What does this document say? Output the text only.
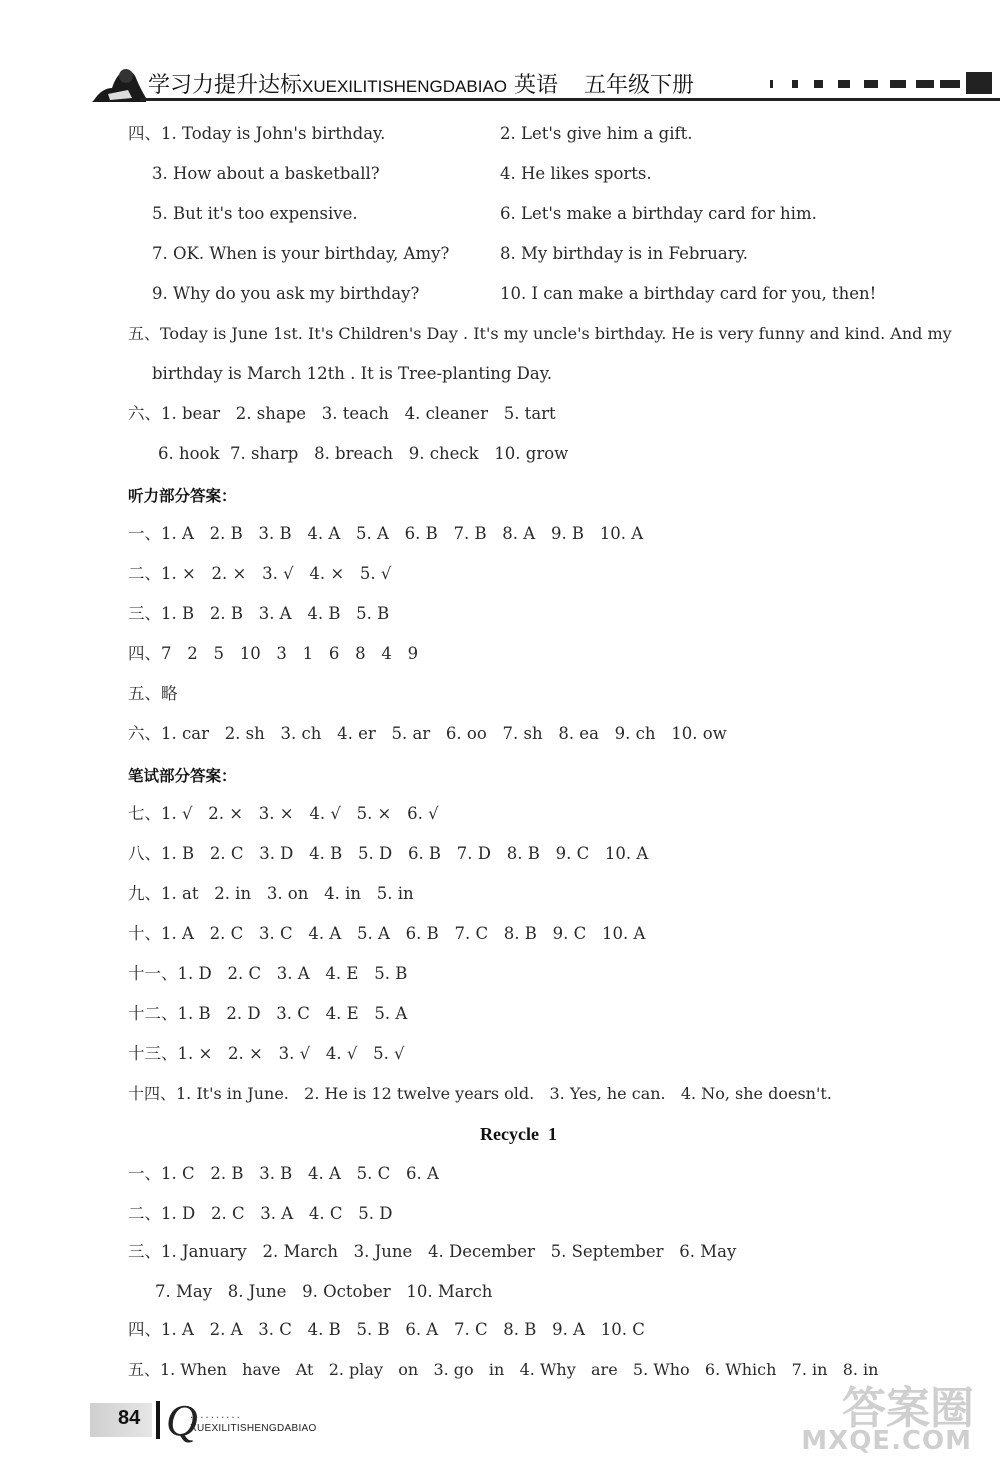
学习力提升达标XUEXILITISHENGDABIAO 英语 五年级下册
四、1. Today is John's birthday.	2. Let's give him a gift.
3. How about a basketball?	4. He likes sports.
5. But it's too expensive.	6. Let's make a birthday card for him.
7. OK. When is your birthday, Amy?	8. My birthday is in February.
9. Why do you ask my birthday?	10. I can make a birthday card for you, then!
五、Today is June 1st. It's Children's Day . It's my uncle's birthday. He is very funny and kind. And my
birthday is March 12th . It is Tree-planting Day.
六、1. bear   2. shape   3. teach   4. cleaner   5. tart
6. hook  7. sharp   8. breach   9. check   10. grow
听力部分答案：
一、1. A   2. B   3. B   4. A   5. A   6. B   7. B   8. A   9. B   10. A
二、1. ×   2. ×   3. √   4. ×   5. √
三、1. B   2. B   3. A   4. B   5. B
四、7   2   5   10   3   1   6   8   4   9
五、略
六、1. car   2. sh   3. ch   4. er   5. ar   6. oo   7. sh   8. ea   9. ch   10. ow
笔试部分答案：
七、1. √   2. ×   3. ×   4. √   5. ×   6. √
八、1. B   2. C   3. D   4. B   5. D   6. B   7. D   8. B   9. C   10. A
九、1. at   2. in   3. on   4. in   5. in
十、1. A   2. C   3. C   4. A   5. A   6. B   7. C   8. B   9. C   10. A
十一、1. D   2. C   3. A   4. E   5. B
十二、1. B   2. D   3. C   4. E   5. A
十三、1. ×   2. ×   3. √   4. √   5. √
十四、1. It's in June.   2. He is 12 twelve years old.   3. Yes, he can.   4. No, she doesn't.
Recycle  1
一、1. C   2. B   3. B   4. A   5. C   6. A
二、1. D   2. C   3. A   4. C   5. D
三、1. January   2. March   3. June   4. December   5. September   6. May
7. May   8. June   9. October   10. March
四、1. A   2. A   3. C   4. B   5. B   6. A   7. C   8. B   9. A   10. C
五、1. When   have   At   2. play   on   3. go   in   4. Why   are   5. Who   6. Which   7. in   8. in
84 Q
··········
XUEXILITISHENGDABIAO	答案圈
MXQE.COM
